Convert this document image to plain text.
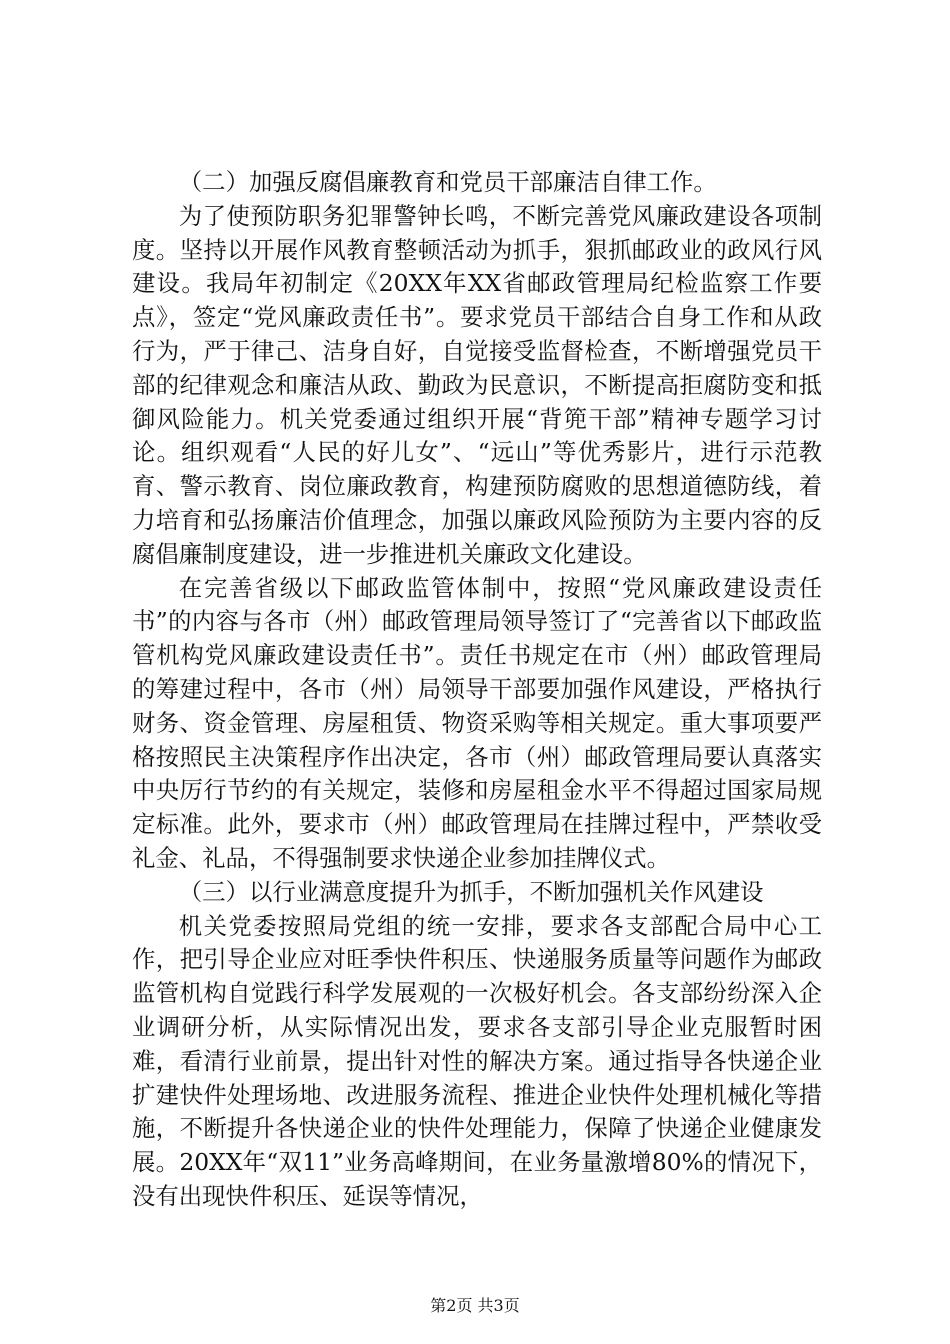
（二）加强反腐倡廉教育和党员干部廉洁自律工作。

为了使预防职务犯罪警钟长鸣，不断完善党风廉政建设各项制度。坚持以开展作风教育整顿活动为抓手，狠抓邮政业的政风行风建设。我局年初制定《20XX年XX省邮政管理局纪检监察工作要点》，签定“党风廉政责任书”。要求党员干部结合自身工作和从政行为，严于律己、洁身自好，自觉接受监督检查，不断增强党员干部的纪律观念和廉洁从政、勤政为民意识，不断提高拒腐防变和抵御风险能力。机关党委通过组织开展“背篼干部”精神专题学习讨论。组织观看“人民的好儿女”、“远山”等优秀影片，进行示范教育、警示教育、岗位廉政教育，构建预防腐败的思想道德防线，着力培育和弘扬廉洁价值理念，加强以廉政风险预防为主要内容的反腐倡廉制度建设，进一步推进机关廉政文化建设。

在完善省级以下邮政监管体制中，按照“党风廉政建设责任书”的内容与各市（州）邮政管理局领导签订了“完善省以下邮政监管机构党风廉政建设责任书”。责任书规定在市（州）邮政管理局的筹建过程中，各市（州）局领导干部要加强作风建设，严格执行财务、资金管理、房屋租赁、物资采购等相关规定。重大事项要严格按照民主决策程序作出决定，各市（州）邮政管理局要认真落实中央厉行节约的有关规定，装修和房屋租金水平不得超过国家局规定标准。此外，要求市（州）邮政管理局在挂牌过程中，严禁收受礼金、礼品，不得强制要求快递企业参加挂牌仪式。

（三）以行业满意度提升为抓手，不断加强机关作风建设

机关党委按照局党组的统一安排，要求各支部配合局中心工作，把引导企业应对旺季快件积压、快递服务质量等问题作为邮政监管机构自觉践行科学发展观的一次极好机会。各支部纷纷深入企业调研分析，从实际情况出发，要求各支部引导企业克服暂时困难，看清行业前景，提出针对性的解决方案。通过指导各快递企业扩建快件处理场地、改进服务流程、推进企业快件处理机械化等措施，不断提升各快递企业的快件处理能力，保障了快递企业健康发展。20XX年“双11”业务高峰期间，在业务量激增80%的情况下，没有出现快件积压、延误等情况，

第2页 共3页
